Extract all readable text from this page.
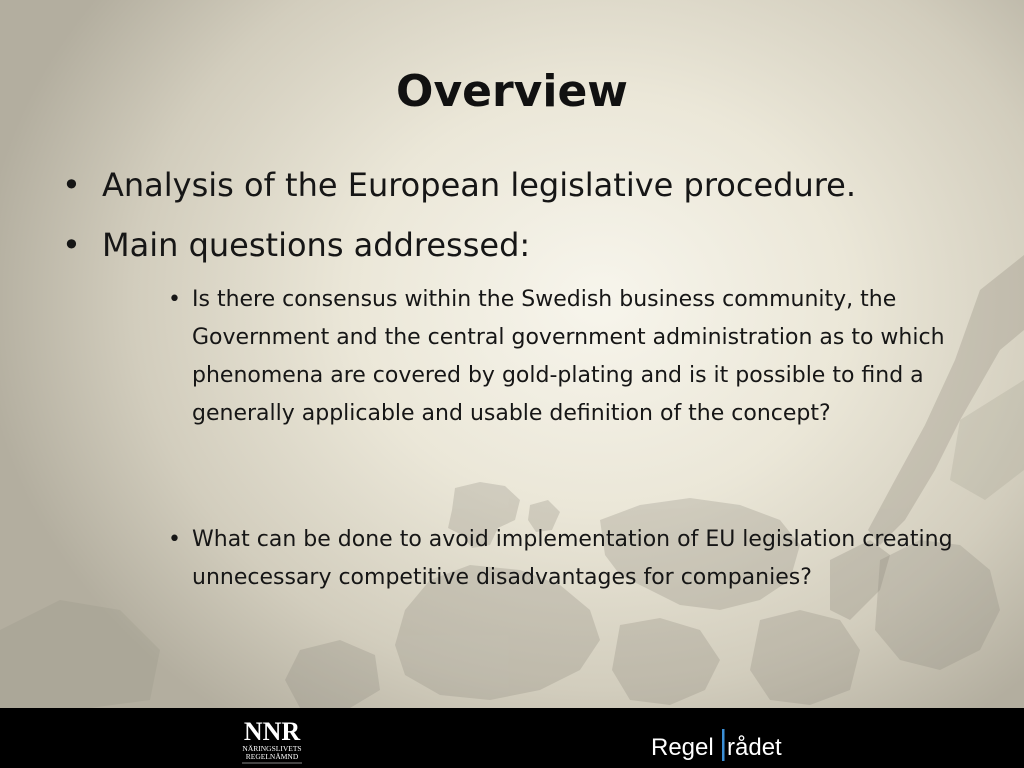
Overview
• Analysis of the European legislative procedure.
• Main questions addressed:
• Is there consensus within the Swedish business community, the Government and the central government administration as to which phenomena are covered by gold-plating and is it possible to find a generally applicable and usable definition of the concept?
• What can be done to avoid implementation of EU legislation creating unnecessary competitive disadvantages for companies?
NNR
NÄRINGSLIVETS
REGELNÄMND	Regel rådet
